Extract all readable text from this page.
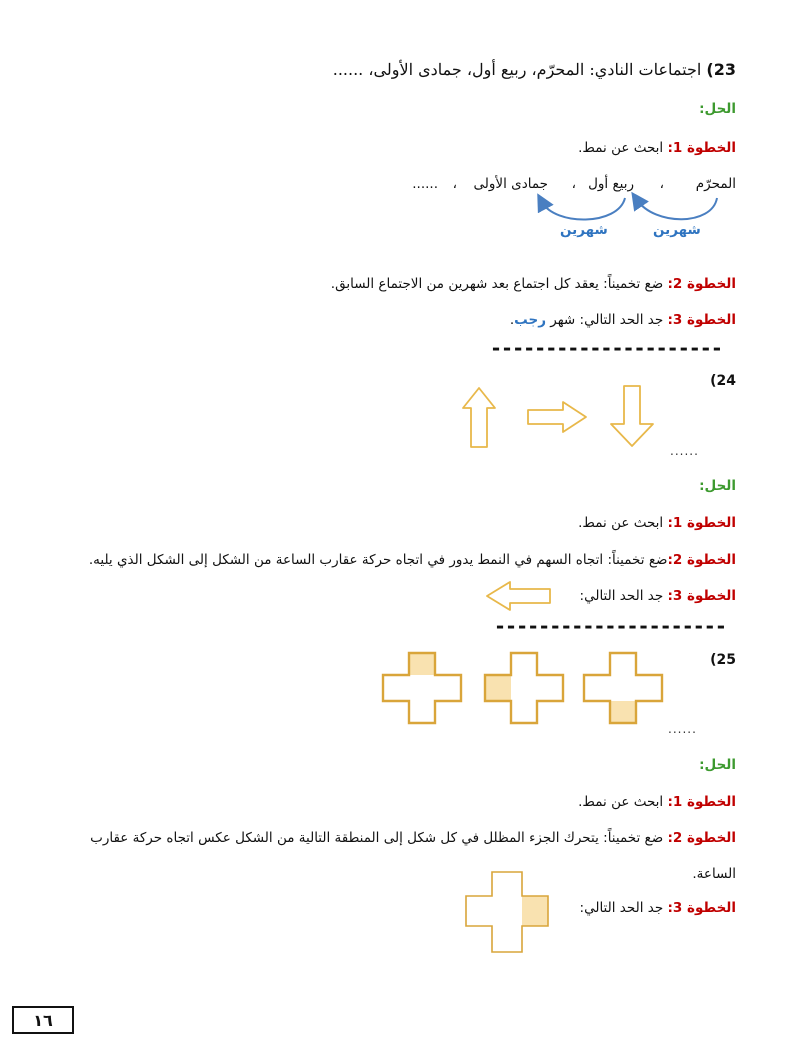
23) اجتماعات النادي: المحرّم، ربيع أول، جمادى الأولى، ......
الحل:
الخطوة 1: ابحث عن نمط.
المحرّم
،
ربيع أول
،
جمادى الأولى
،
......
شهرين
شهرين
الخطوة 2: ضع تخميناً: يعقد كل اجتماع بعد شهرين من الاجتماع السابق.
الخطوة 3: جد الحد التالي: شهر رجب.
---------------------
(24
......
الحل:
الخطوة 1: ابحث عن نمط.
الخطوة 2:ضع تخميناً: اتجاه السهم في النمط يدور في اتجاه حركة عقارب الساعة من الشكل إلى الشكل الذي يليه.
الخطوة 3: جد الحد التالي:
---------------------
(25
......
الحل:
الخطوة 1: ابحث عن نمط.
الخطوة 2: ضع تخميناً: يتحرك الجزء المظلل في كل شكل إلى المنطقة التالية من الشكل عكس اتجاه حركة عقارب
الساعة.
الخطوة 3: جد الحد التالي:
١٦
